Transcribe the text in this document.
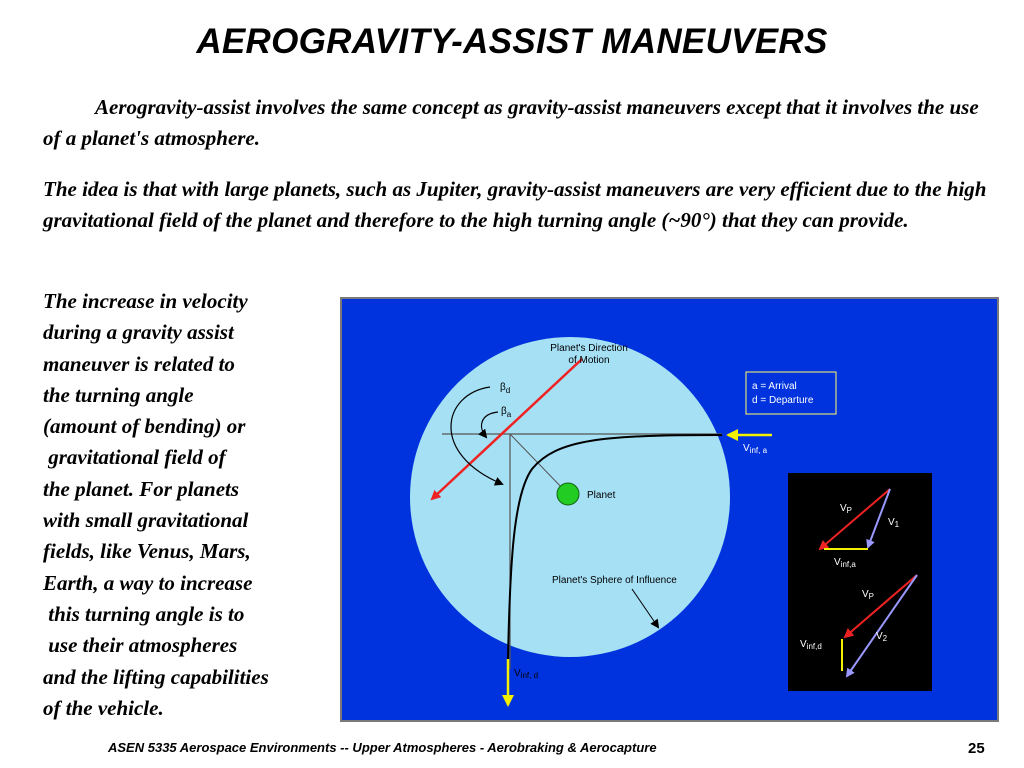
AEROGRAVITY-ASSIST MANEUVERS
Aerogravity-assist involves the same concept as gravity-assist maneuvers except that it involves the use of a planet's atmosphere.
The idea is that with large planets, such as Jupiter, gravity-assist maneuvers are very efficient due to the high gravitational field of the planet and therefore to the high turning angle (~90°) that they can provide.
The increase in velocity
during a gravity assist
maneuver is related to
the turning angle
(amount of bending) or
gravitational field of
the planet. For planets
with small gravitational
fields, like Venus, Mars,
Earth, a way to increase
this turning angle is to
use their atmospheres
and the lifting capabilities
of the vehicle.
Planet's Direction
of Motion
$\beta_d$
$\beta_a$
Planet
Planet's Sphere of Influence
$V_{inf, a}$
$V_{inf, d}$
a = Arrival
d = Departure
$V_P$
$V_1$
$V_{inf,a}$
$V_P$
$V_2$
$V_{inf,d}$
ASEN 5335 Aerospace Environments -- Upper Atmospheres - Aerobraking & Aerocapture	25
